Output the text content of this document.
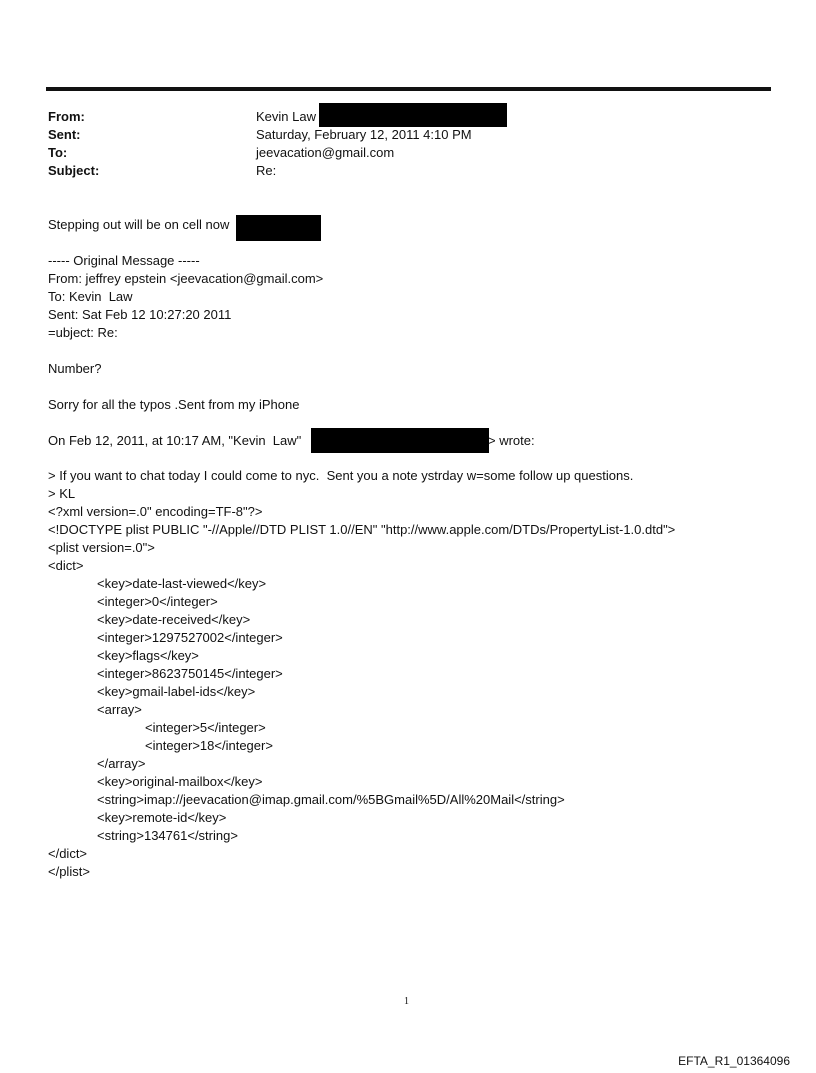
From:	Kevin Law
Sent:	Saturday, February 12, 2011 4:10 PM
To:	jeevacation@gmail.com
Subject:	Re:
Stepping out will be on cell now
----- Original Message -----
From: jeffrey epstein <jeevacation@gmail.com>
To: Kevin  Law
Sent: Sat Feb 12 10:27:20 2011
=ubject: Re:
Number?
Sorry for all the typos .Sent from my iPhone
On Feb 12, 2011, at 10:17 AM, "Kevin  Law"	> wrote:
> If you want to chat today I could come to nyc.  Sent you a note ystrday w=some follow up questions.
> KL
<?xml version=.0" encoding=TF-8"?>
<!DOCTYPE plist PUBLIC "-//Apple//DTD PLIST 1.0//EN" "http://www.apple.com/DTDs/PropertyList-1.0.dtd">
<plist version=.0">
<dict>
<key>date-last-viewed</key>
<integer>0</integer>
<key>date-received</key>
<integer>1297527002</integer>
<key>flags</key>
<integer>8623750145</integer>
<key>gmail-label-ids</key>
<array>
<integer>5</integer>
<integer>18</integer>
</array>
<key>original-mailbox</key>
<string>imap://jeevacation@imap.gmail.com/%5BGmail%5D/All%20Mail</string>
<key>remote-id</key>
<string>134761</string>
</dict>
</plist>
1
EFTA_R1_01364096
